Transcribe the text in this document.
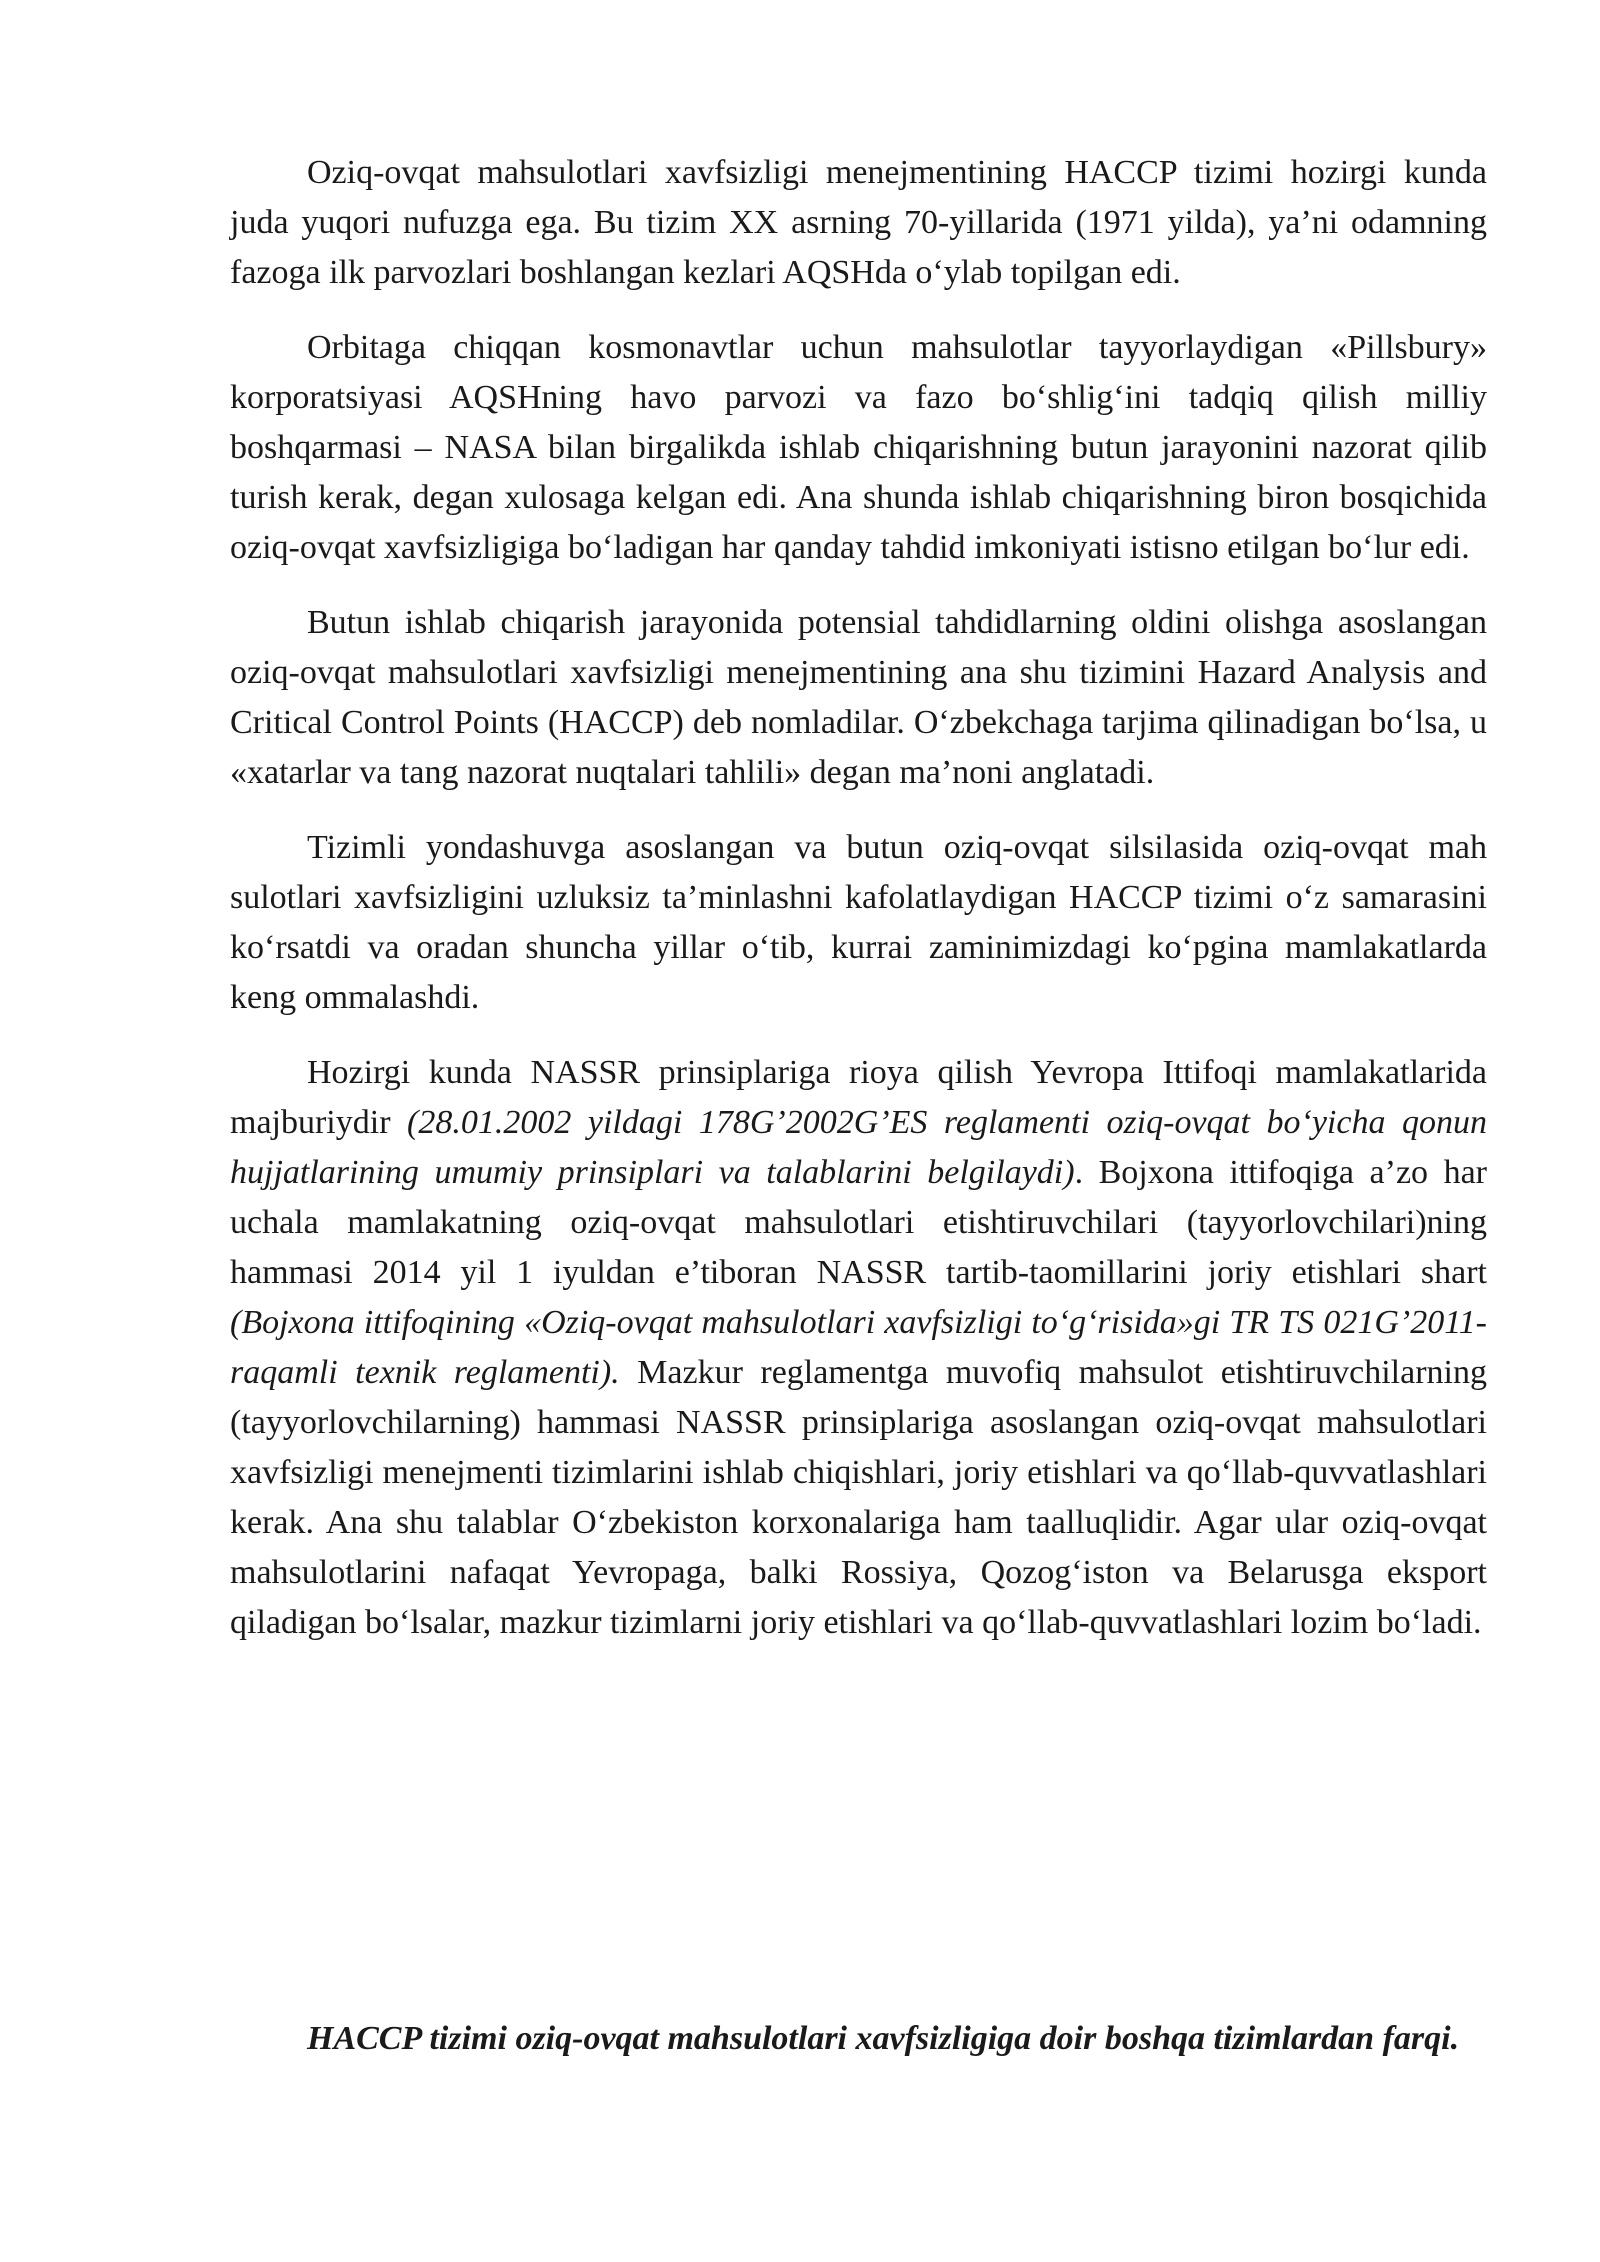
Oziq-ovqat mahsulotlari xavfsizligi menejmentining HACCP tizimi hozirgi kunda juda yuqori nufuzga ega. Bu tizim XX asrning 70-yillarida (1971 yilda), ya’ni odamning fazoga ilk parvozlari boshlangan kezlari AQSHda o‘ylab topilgan edi.

Orbitaga chiqqan kosmonavtlar uchun mahsulotlar tayyorlaydigan «Pillsbury» korporatsiyasi AQSHning havo parvozi va fazo bo‘shlig‘ini tadqiq qilish milliy boshqarmasi – NASA bilan birgalikda ishlab chiqarishning butun jarayonini nazorat qilib turish kerak, degan xulosaga kelgan edi. Ana shunda ishlab chiqarishning biron bosqichida oziq-ovqat xavfsizligiga bo‘ladigan har qanday tahdid imkoniyati istisno etilgan bo‘lur edi.

Butun ishlab chiqarish jarayonida potensial tahdidlarning oldini olishga asoslangan oziq-ovqat mahsulotlari xavfsizligi menejmentining ana shu tizimini Hazard Analysis and Critical Control Points (HACCP) deb nomladilar. O‘zbekchaga tarjima qilinadigan bo‘lsa, u «xatarlar va tang nazorat nuqtalari tahlili» degan ma’noni anglatadi.

Tizimli yondashuvga asoslangan va butun oziq-ovqat silsilasida oziq-ovqat mah sulotlari xavfsizligini uzluksiz ta’minlashni kafolatlaydigan HACCP tizimi o‘z samarasini ko‘rsatdi va oradan shuncha yillar o‘tib, kurrai zaminimizdagi ko‘pgina mamlakatlarda keng ommalashdi.

Hozirgi kunda NASSR prinsiplariga rioya qilish Yevropa Ittifoqi mamlakatlarida majburiydir (28.01.2002 yildagi 178G’2002G’ES reglamenti oziq-ovqat bo‘yicha qonun hujjatlarining umumiy prinsiplari va talablarini belgilaydi). Bojxona ittifoqiga a’zo har uchala mamlakatning oziq-ovqat mahsulotlari etishtiruvchilari (tayyorlovchilari)ning hammasi 2014 yil 1 iyuldan e’tiboran NASSR tartib-taomillarini joriy etishlari shart (Bojxona ittifoqining «Oziq-ovqat mahsulotlari xavfsizligi to‘g‘risida»gi TR TS 021G’2011-raqamli texnik reglamenti). Mazkur reglamentga muvofiq mahsulot etishtiruvchilarning (tayyorlovchilarning) hammasi NASSR prinsiplariga asoslangan oziq-ovqat mahsulotlari xavfsizligi menejmenti tizimlarini ishlab chiqishlari, joriy etishlari va qo‘llab-quvvatlashlari kerak. Ana shu talablar O‘zbekiston korxonalariga ham taalluqlidir. Agar ular oziq-ovqat mahsulotlarini nafaqat Yevropaga, balki Rossiya, Qozog‘iston va Belarusga eksport qiladigan bo‘lsalar, mazkur tizimlarni joriy etishlari va qo‘llab-quvvatlashlari lozim bo‘ladi.

HACCP tizimi oziq-ovqat mahsulotlari xavfsizligiga doir boshqa tizimlardan farqi.
